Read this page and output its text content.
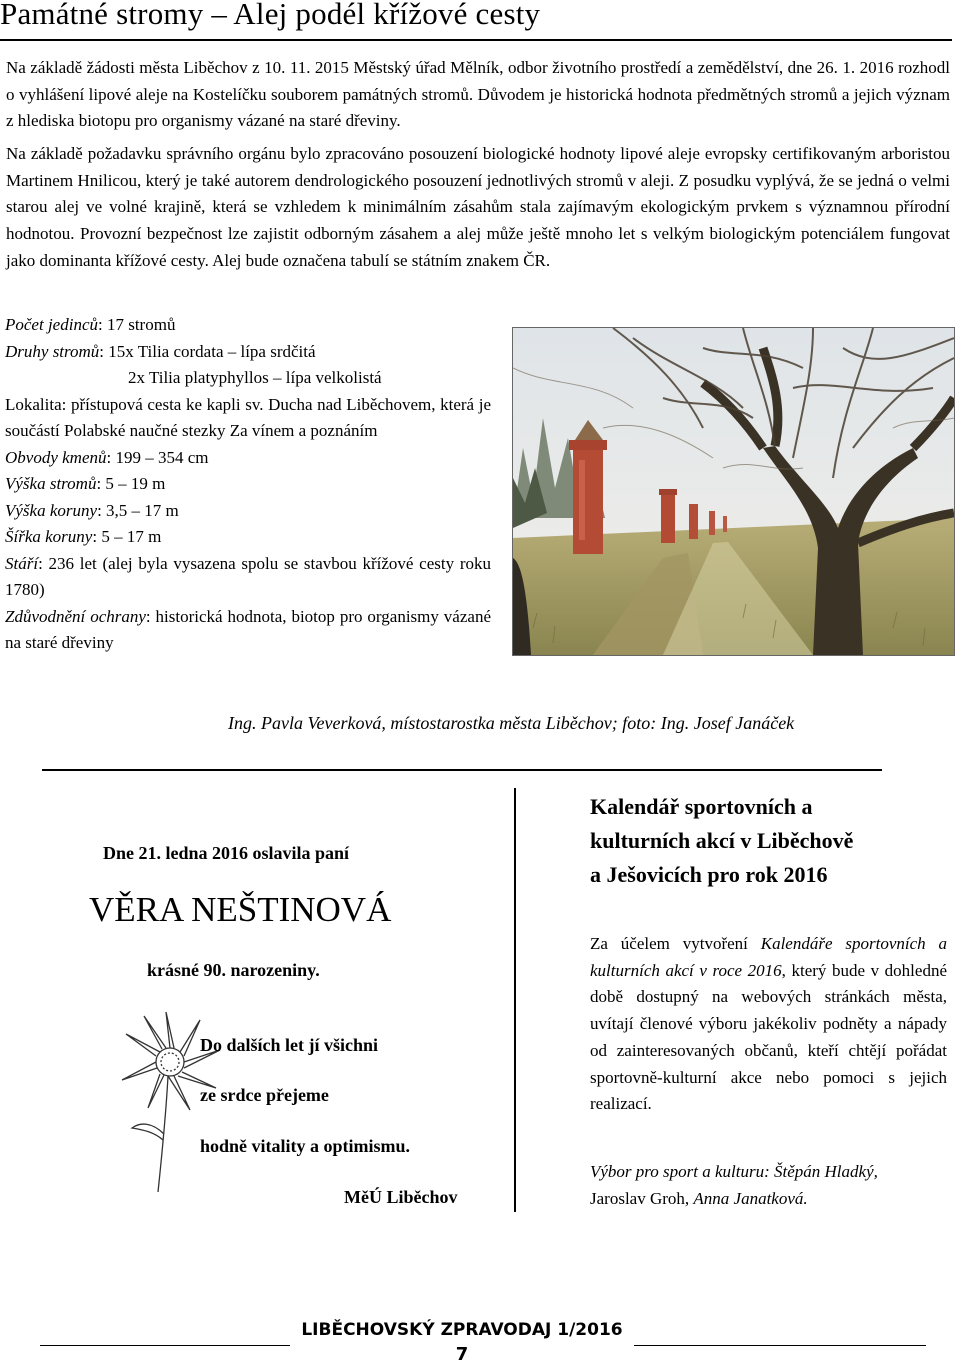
Památné stromy – Alej podél křížové cesty
Na základě žádosti města Liběchov z 10. 11. 2015 Městský úřad Mělník, odbor životního prostředí a zemědělství, dne 26. 1. 2016 rozhodl o vyhlášení lipové aleje na Kostelíčku souborem památných stromů. Důvodem je historická hodnota předmětných stromů a jejich význam z hlediska biotopu pro organismy vázané na staré dřeviny.
Na základě požadavku správního orgánu bylo zpracováno posouzení biologické hodnoty lipové aleje evropsky certifikovaným arboristou Martinem Hnilicou, který je také autorem dendrologického posouzení jednotlivých stromů v aleji. Z posudku vyplývá, že se jedná o velmi starou alej ve volné krajině, která se vzhledem k minimálním zásahům stala zajímavým ekologickým prvkem s významnou přírodní hodnotou. Provozní bezpečnost lze zajistit odborným zásahem a alej může ještě mnoho let s velkým biologickým potenciálem fungovat jako dominanta křížové cesty. Alej bude označena tabulí se státním znakem ČR.
Počet jedinců: 17 stromů
Druhy stromů: 15x Tilia cordata – lípa srdčitá
2x Tilia platyphyllos – lípa velkolistá
Lokalita: přístupová cesta ke kapli sv. Ducha nad Liběchovem, která je součástí Polabské naučné stezky Za vínem a poznáním
Obvody kmenů: 199 – 354 cm
Výška stromů: 5 – 19 m
Výška koruny: 3,5 – 17 m
Šířka koruny: 5 – 17 m
Stáří: 236 let (alej byla vysazena spolu se stavbou křížové cesty roku 1780)
Zdůvodnění ochrany: historická hodnota, biotop pro organismy vázané na staré dřeviny
Ing. Pavla Veverková, místostarostka města Liběchov; foto: Ing. Josef Janáček
Dne 21. ledna 2016 oslavila paní
VĚRA NEŠTINOVÁ
krásné 90. narozeniny.
Do dalších let jí všichni
ze srdce přejeme
hodně vitality a optimismu.
MěÚ Liběchov
Kalendář sportovních a
kulturních akcí v Liběchově
a Ješovicích pro rok 2016
Za účelem vytvoření Kalendáře sportovních a kulturních akcí v roce 2016, který bude v dohledné době dostupný na webových stránkách města, uvítají členové výboru jakékoliv podněty a nápady od zainteresovaných občanů, kteří chtějí pořádat sportovně-kulturní akce nebo pomoci s jejich realizací.
Výbor pro sport a kulturu: Štěpán Hladký,
Jaroslav Groh, Anna Janatková.
LIBĚCHOVSKÝ ZPRAVODAJ 1/2016
7
